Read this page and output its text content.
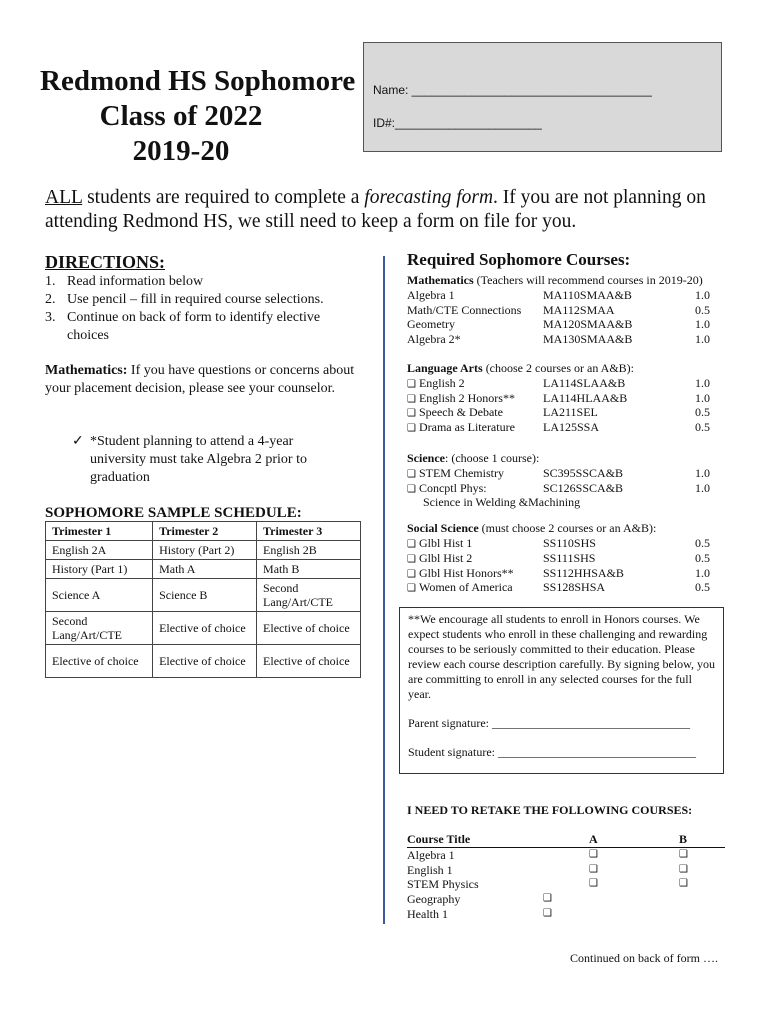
Redmond HS Sophomore
Class of 2022
2019-20
Name: ____________________________________
ID#:______________________
ALL students are required to complete a forecasting form. If you are not planning on attending Redmond HS, we still need to keep a form on file for you.
DIRECTIONS:
1. Read information below
2. Use pencil – fill in required course selections.
3. Continue on back of form to identify elective choices
Mathematics: If you have questions or concerns about your placement decision, please see your counselor.
✓ *Student planning to attend a 4-year university must take Algebra 2 prior to graduation
SOPHOMORE SAMPLE SCHEDULE:
Trimester 1	Trimester 2	Trimester 3
English 2A	History (Part 2)	English 2B
History (Part 1)	Math A	Math B
Science A	Science B	Second Lang/Art/CTE
Second Lang/Art/CTE	Elective of choice	Elective of choice
Elective of choice	Elective of choice	Elective of choice
Required Sophomore Courses:
Mathematics (Teachers will recommend courses in 2019-20)
Algebra 1	MA110SMAA&B	1.0
Math/CTE Connections MA112SMAA	0.5
Geometry	MA120SMAA&B	1.0
Algebra 2*	MA130SMAA&B	1.0
Language Arts (choose 2 courses or an A&B):
❑ English 2	LA114SLAA&B	1.0
❑ English 2 Honors** LA114HLAA&B	1.0
❑ Speech & Debate	LA211SEL	0.5
❑ Drama as Literature LA125SSA	0.5
Science: (choose 1 course):
❑ STEM Chemistry	SC395SSCA&B	1.0
❑ Concptl Phys:	SC126SSCA&B	1.0
Science in Welding &Machining
Social Science (must choose 2 courses or an A&B):
❑ Glbl Hist 1	SS110SHS	0.5
❑ Glbl Hist 2	SS111SHS	0.5
❑ Glbl Hist Honors** SS112HHSA&B	1.0
❑ Women of America	SS128SHSA	0.5
**We encourage all students to enroll in Honors courses. We expect students who enroll in these challenging and rewarding courses to be seriously committed to their education. Please review each course description carefully. By signing below, you are committing to enroll in any selected courses for the full year.
Parent signature: _________________________________
Student signature: _________________________________
I NEED TO RETAKE THE FOLLOWING COURSES:
Course Title	A	B
Algebra 1	❑	❑
English 1	❑	❑
STEM Physics	❑	❑
Geography	❑
Health 1	❑
Continued on back of form ….
